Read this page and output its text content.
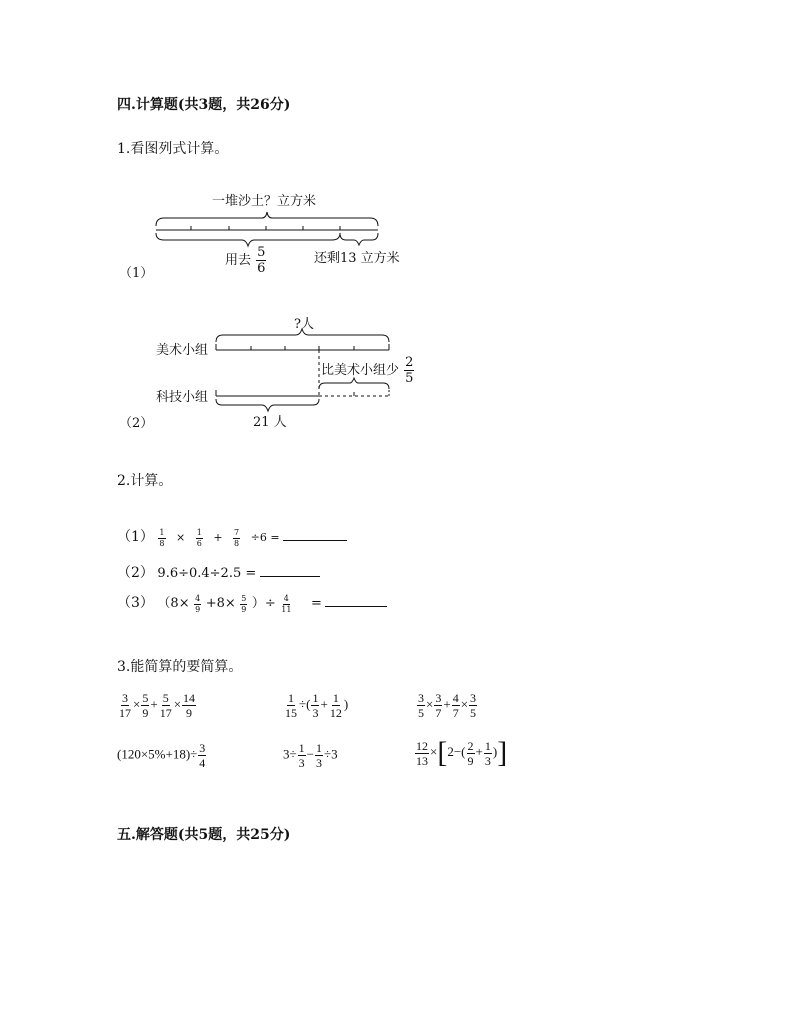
四.计算题(共3题，共26分)
1.看图列式计算。
一堆沙土？立方米
用去 $\frac{5}{6}$	还剩13 立方米
（1）
?人
美术小组
比美术小组少 $\frac{2}{5}$
科技小组
21 人
（2）
2.计算。
$(1) \frac{1}{8} \times \frac{1}{6} + \frac{7}{8} \div 6$ =
（2） 9.6÷0.4÷2.5 =
（3） （$8\times \frac{4}{9} +8\times \frac{5}{9}$ ）÷ $\frac{4}{11}$ =
3.能简算的要简算。
$\frac{3}{17} \times \frac{5}{9} + \frac{5}{17} \times \frac{14}{9}$	$\frac{1}{15}$ ÷( $\frac{1}{3} + \frac{1}{12}$ )	$\frac{3}{5} \times \frac{3}{7} + \frac{4}{7} \times \frac{3}{5}$
$(120\times 5\%+18)\div \frac{3}{4}$	$3\div \frac{1}{3} - \frac{1}{3} \div 3$	$\frac{12}{13} \times[2-( \frac{2}{9} + \frac{1}{3}$ )]
五.解答题(共5题，共25分)
